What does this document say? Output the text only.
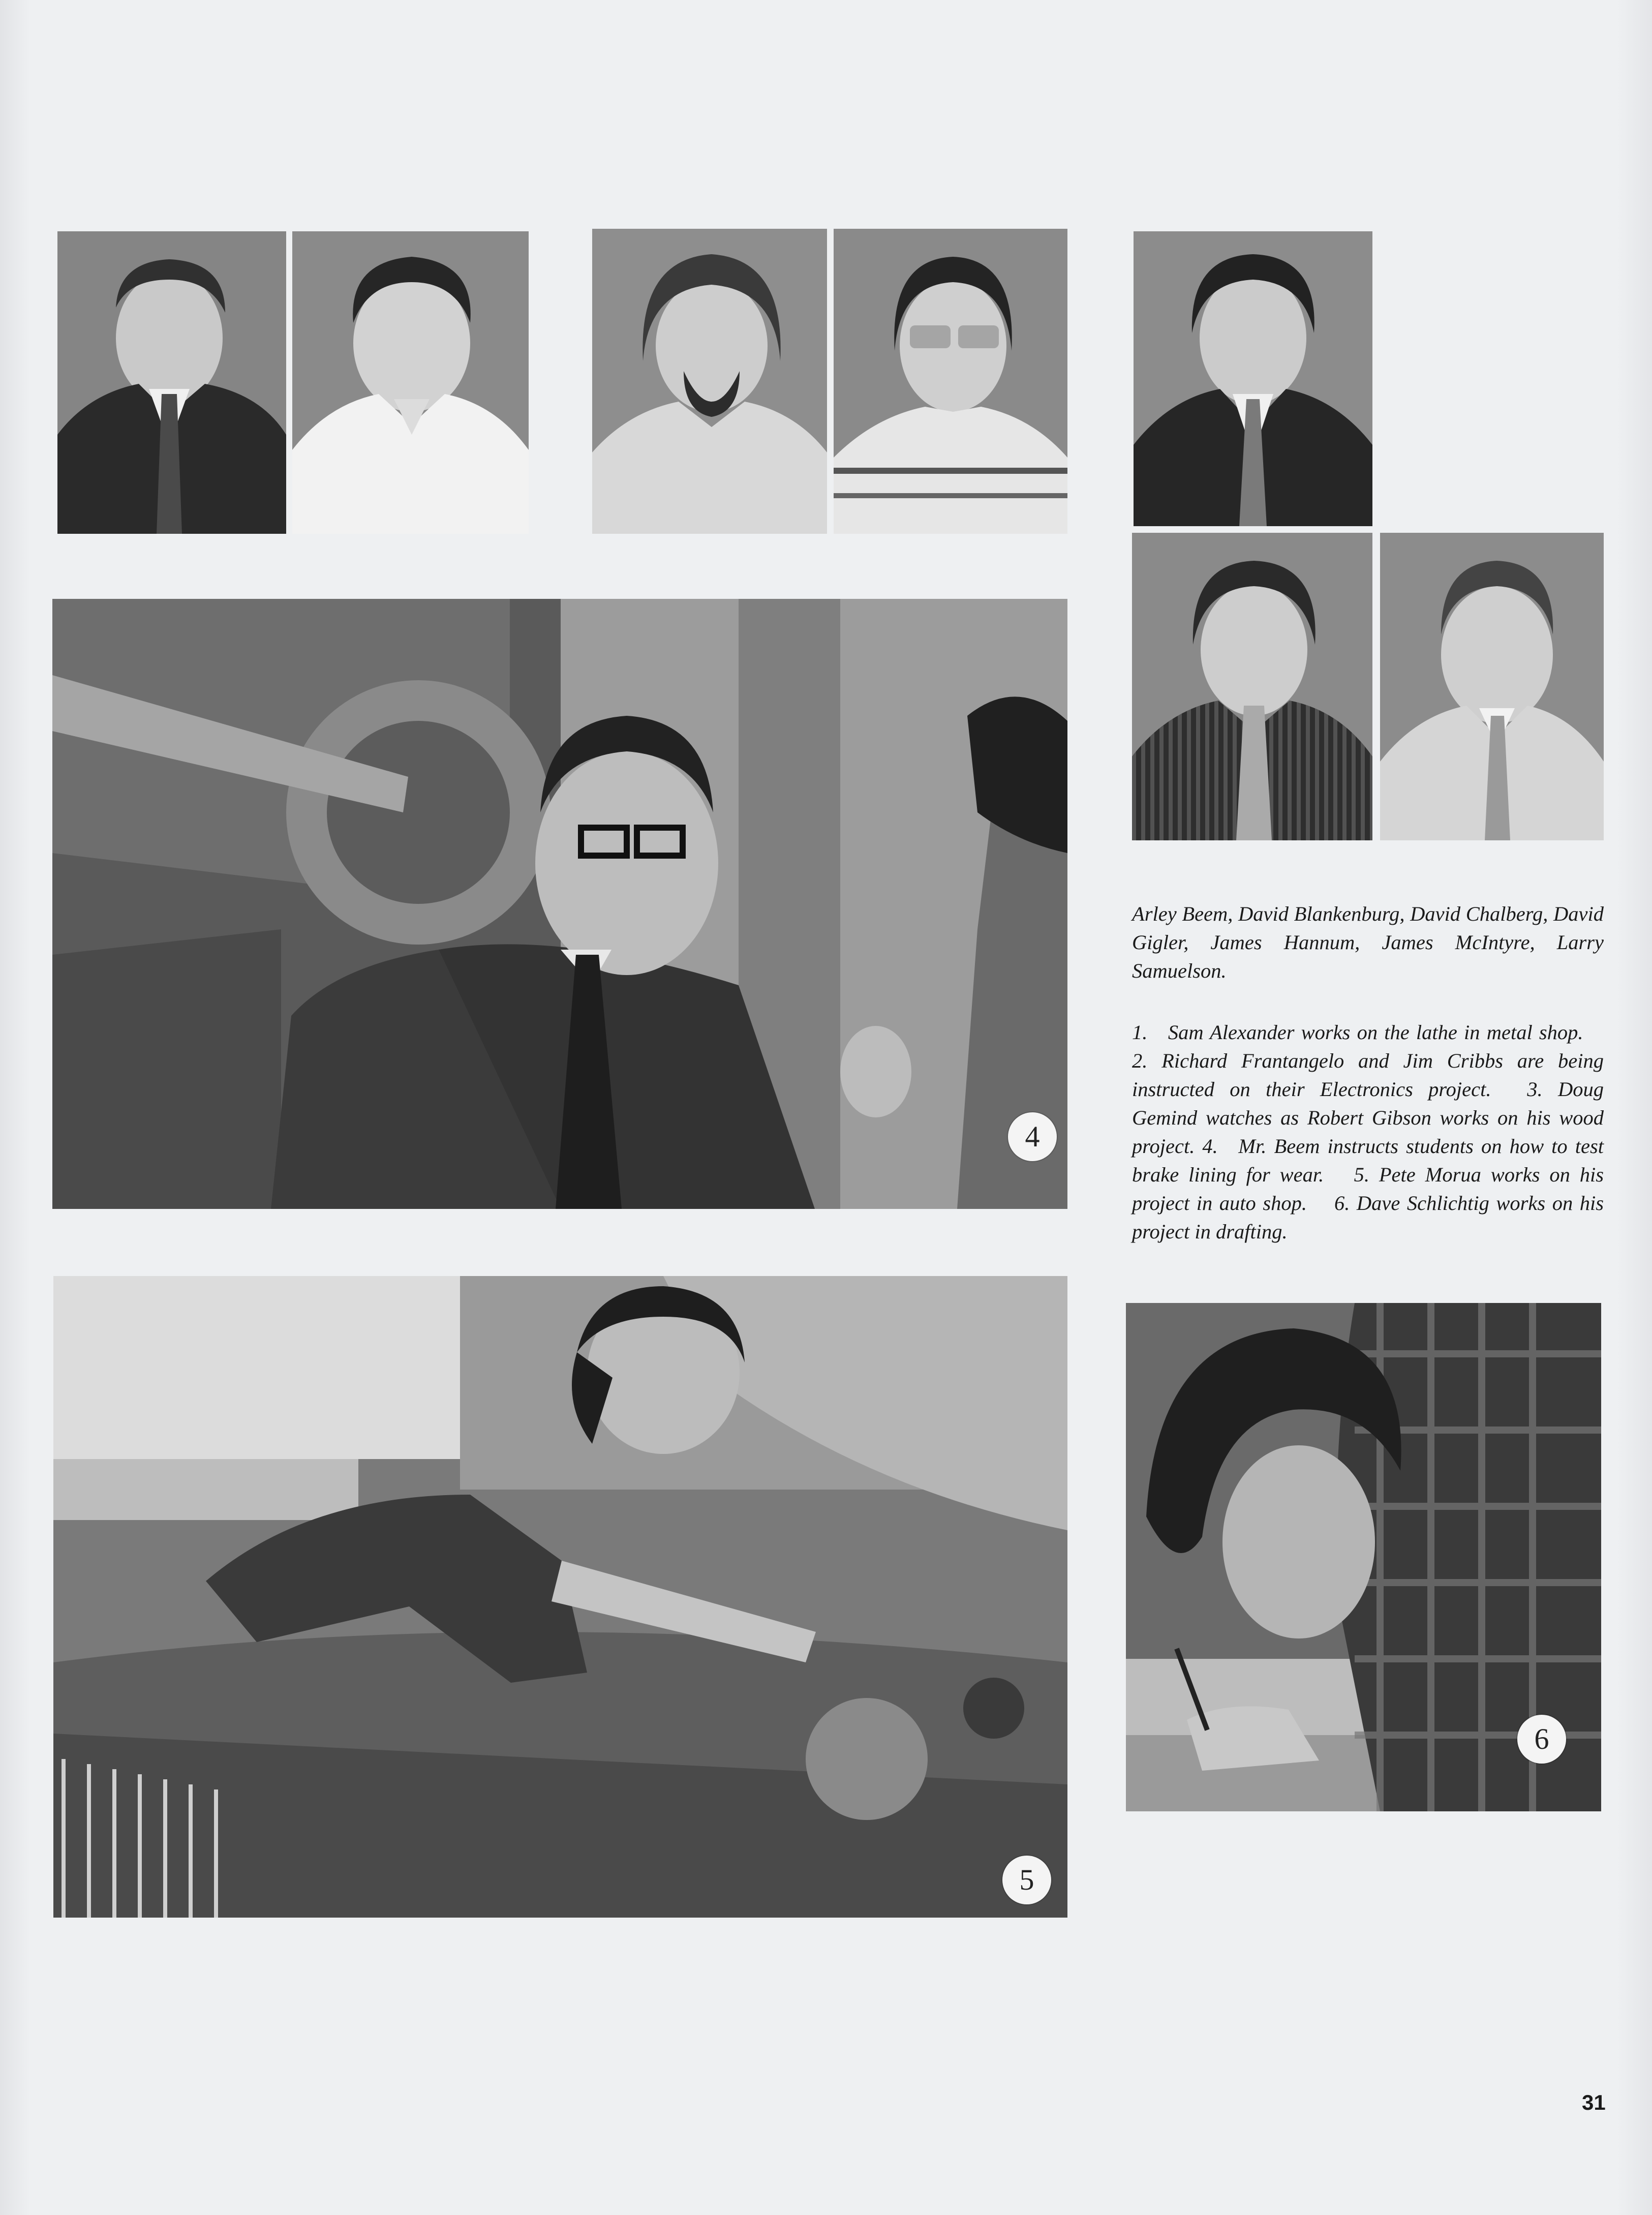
4
Arley Beem, David Blankenburg, David Chalberg, David Gigler, James Hannum, James McIntyre, Larry Samuelson.
1. Sam Alexander works on the lathe in metal shop.  2. Richard Frantangelo and Jim Cribbs are being instructed on their Electronics project.  3. Doug Gemind watches as Robert Gibson works on his wood project. 4. Mr. Beem instructs students on how to test brake lining for wear.  5. Pete Morua works on his project in auto shop.  6. Dave Schlichtig works on his project in drafting.
5
6
31
